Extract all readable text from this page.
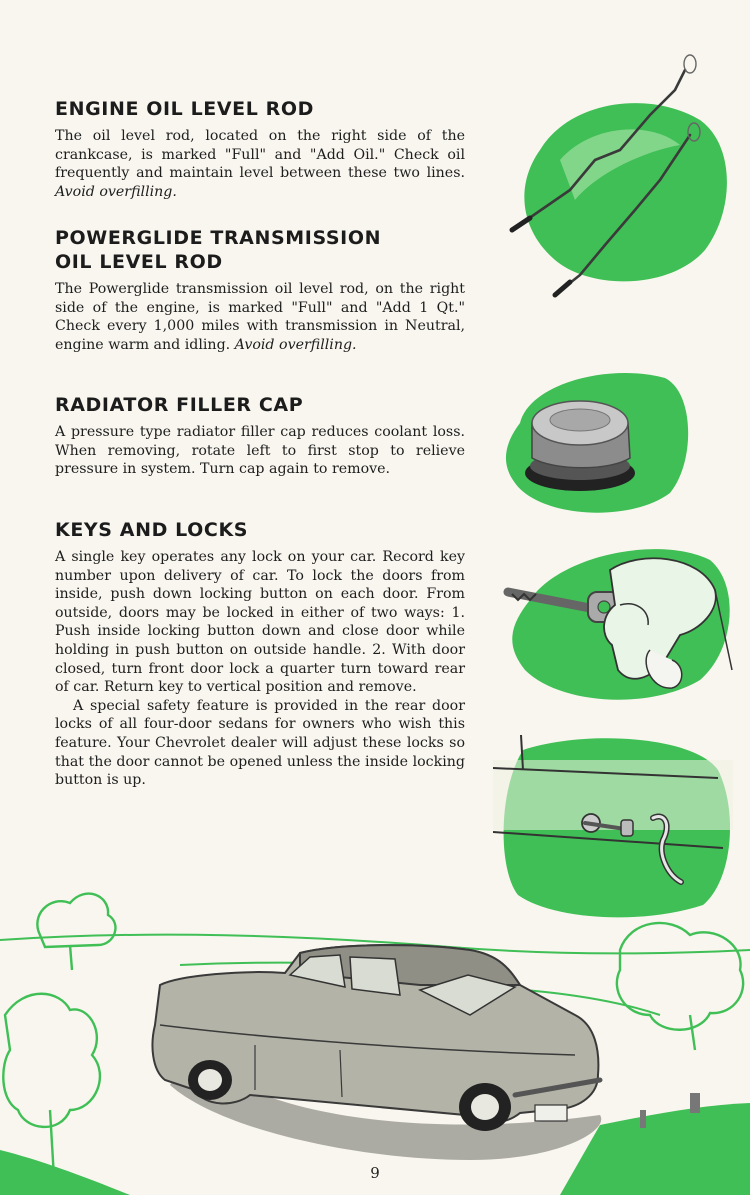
ENGINE OIL LEVEL ROD

The oil level rod, located on the right side of the crankcase, is marked "Full" and "Add Oil." Check oil frequently and maintain level between these two lines. Avoid overfilling.

POWERGLIDE TRANSMISSION
OIL LEVEL ROD

The Powerglide transmission oil level rod, on the right side of the engine, is marked "Full" and "Add 1 Qt." Check every 1,000 miles with transmission in Neutral, engine warm and idling. Avoid overfilling.

RADIATOR FILLER CAP

A pressure type radiator filler cap reduces coolant loss. When removing, rotate left to first stop to relieve pressure in system. Turn cap again to remove.

KEYS AND LOCKS

A single key operates any lock on your car. Record key number upon delivery of car. To lock the doors from inside, push down locking button on each door. From outside, doors may be locked in either of two ways: 1. Push inside locking button down and close door while holding in push button on outside handle. 2. With door closed, turn front door lock a quarter turn toward rear of car. Return key to vertical position and remove.

A special safety feature is provided in the rear door locks of all four-door sedans for owners who wish this feature. Your Chevrolet dealer will adjust these locks so that the door cannot be opened unless the inside locking button is up.

9
